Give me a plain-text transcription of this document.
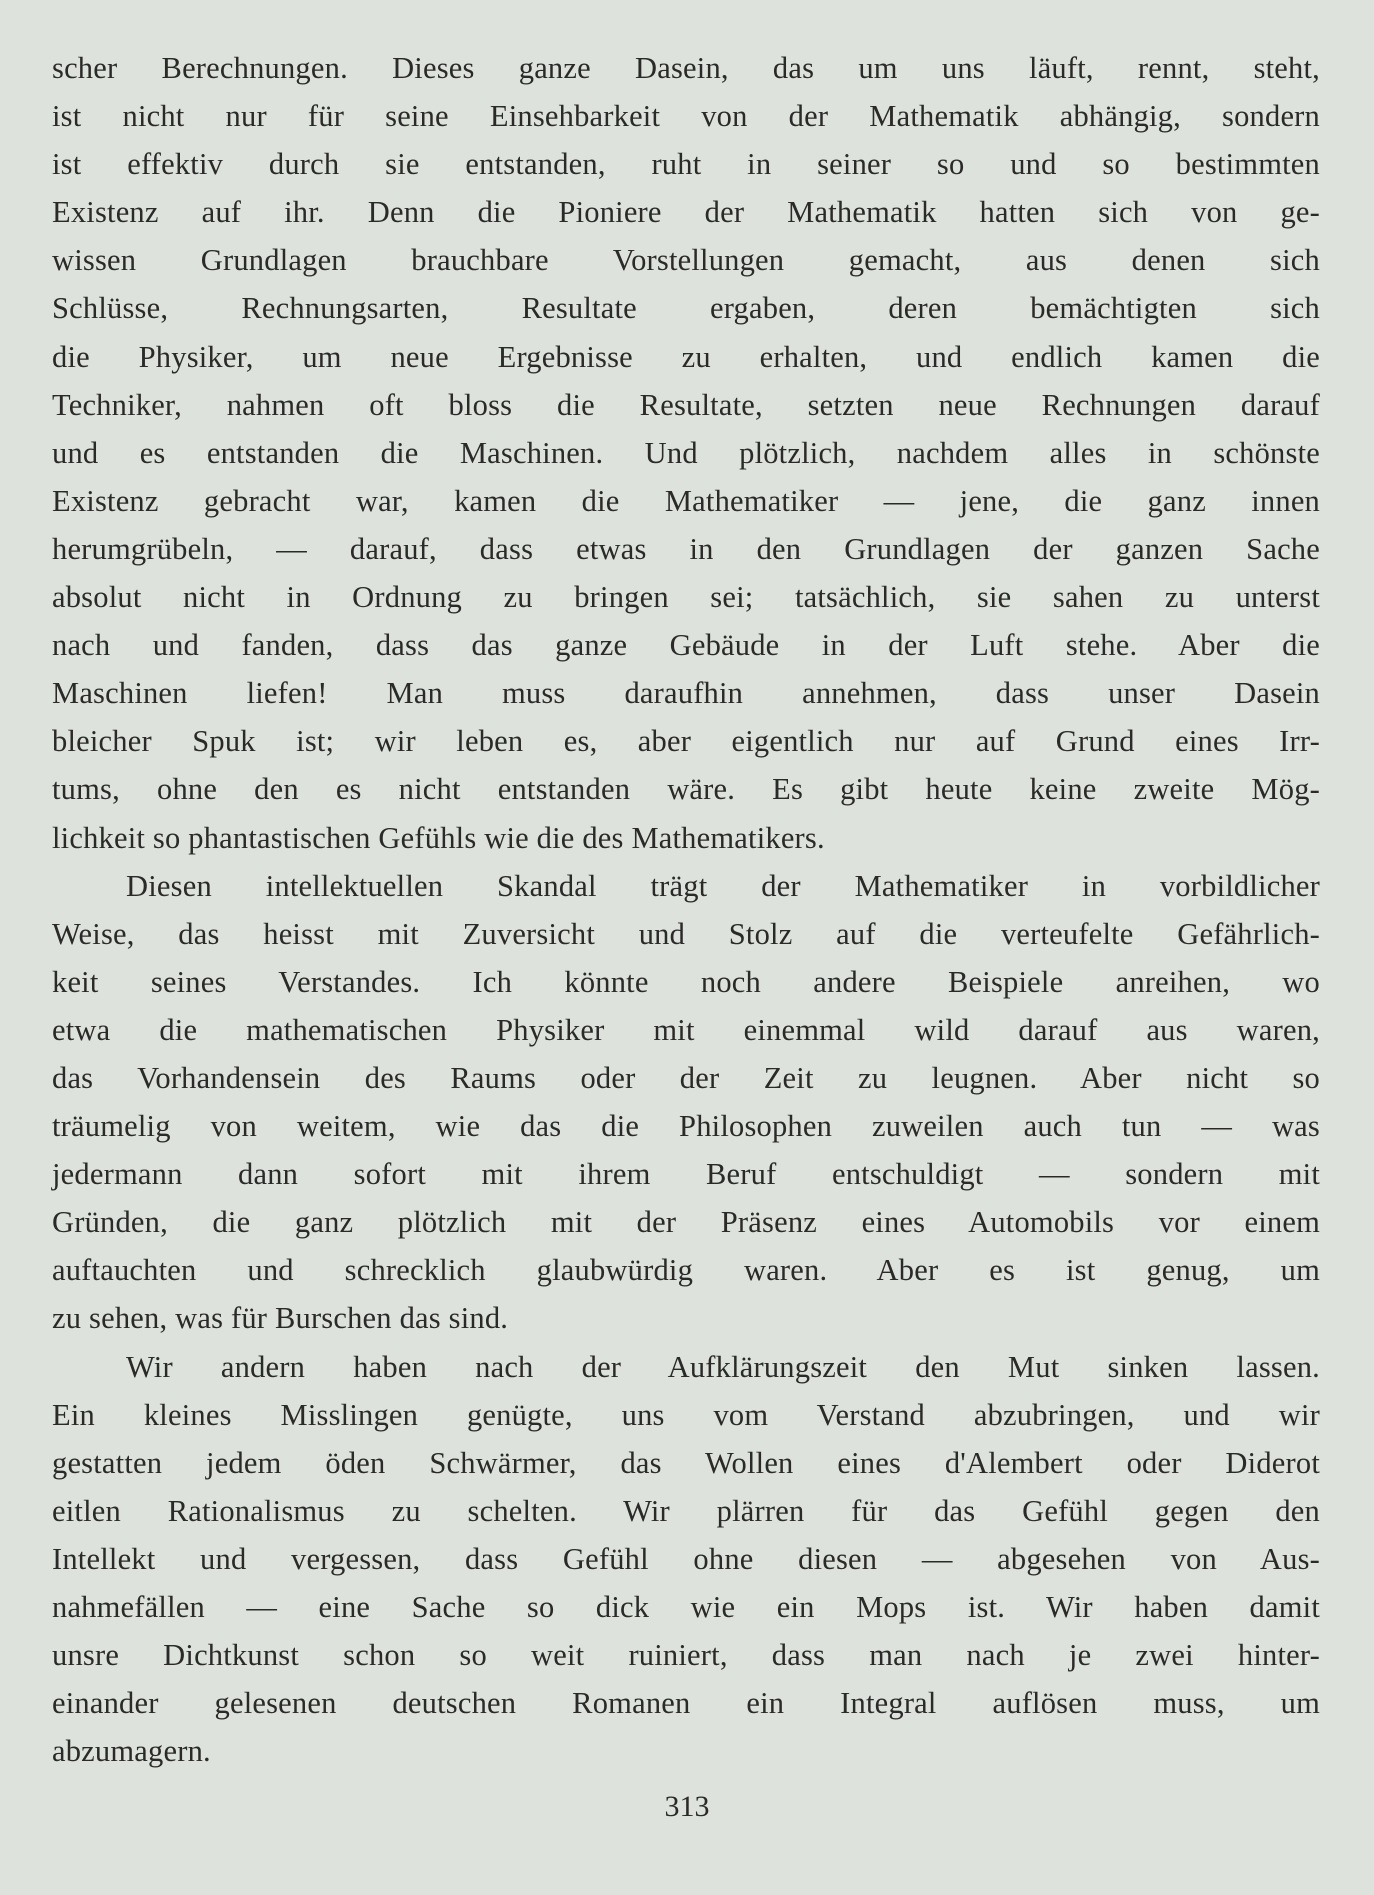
scher Berechnungen. Dieses ganze Dasein, das um uns läuft, rennt, steht,
ist nicht nur für seine Einsehbarkeit von der Mathematik abhängig, sondern
ist effektiv durch sie entstanden, ruht in seiner so und so bestimmten
Existenz auf ihr. Denn die Pioniere der Mathematik hatten sich von ge-
wissen Grundlagen brauchbare Vorstellungen gemacht, aus denen sich
Schlüsse, Rechnungsarten, Resultate ergaben, deren bemächtigten sich
die Physiker, um neue Ergebnisse zu erhalten, und endlich kamen die
Techniker, nahmen oft bloss die Resultate, setzten neue Rechnungen darauf
und es entstanden die Maschinen. Und plötzlich, nachdem alles in schönste
Existenz gebracht war, kamen die Mathematiker — jene, die ganz innen
herumgrübeln, — darauf, dass etwas in den Grundlagen der ganzen Sache
absolut nicht in Ordnung zu bringen sei; tatsächlich, sie sahen zu unterst
nach und fanden, dass das ganze Gebäude in der Luft stehe. Aber die
Maschinen liefen! Man muss daraufhin annehmen, dass unser Dasein
bleicher Spuk ist; wir leben es, aber eigentlich nur auf Grund eines Irr-
tums, ohne den es nicht entstanden wäre. Es gibt heute keine zweite Mög-
lichkeit so phantastischen Gefühls wie die des Mathematikers.
Diesen intellektuellen Skandal trägt der Mathematiker in vorbildlicher
Weise, das heisst mit Zuversicht und Stolz auf die verteufelte Gefährlich-
keit seines Verstandes. Ich könnte noch andere Beispiele anreihen, wo
etwa die mathematischen Physiker mit einemmal wild darauf aus waren,
das Vorhandensein des Raums oder der Zeit zu leugnen. Aber nicht so
träumelig von weitem, wie das die Philosophen zuweilen auch tun — was
jedermann dann sofort mit ihrem Beruf entschuldigt — sondern mit
Gründen, die ganz plötzlich mit der Präsenz eines Automobils vor einem
auftauchten und schrecklich glaubwürdig waren. Aber es ist genug, um
zu sehen, was für Burschen das sind.
Wir andern haben nach der Aufklärungszeit den Mut sinken lassen.
Ein kleines Misslingen genügte, uns vom Verstand abzubringen, und wir
gestatten jedem öden Schwärmer, das Wollen eines d'Alembert oder Diderot
eitlen Rationalismus zu schelten. Wir plärren für das Gefühl gegen den
Intellekt und vergessen, dass Gefühl ohne diesen — abgesehen von Aus-
nahmefällen — eine Sache so dick wie ein Mops ist. Wir haben damit
unsre Dichtkunst schon so weit ruiniert, dass man nach je zwei hinter-
einander gelesenen deutschen Romanen ein Integral auflösen muss, um
abzumagern.
313
